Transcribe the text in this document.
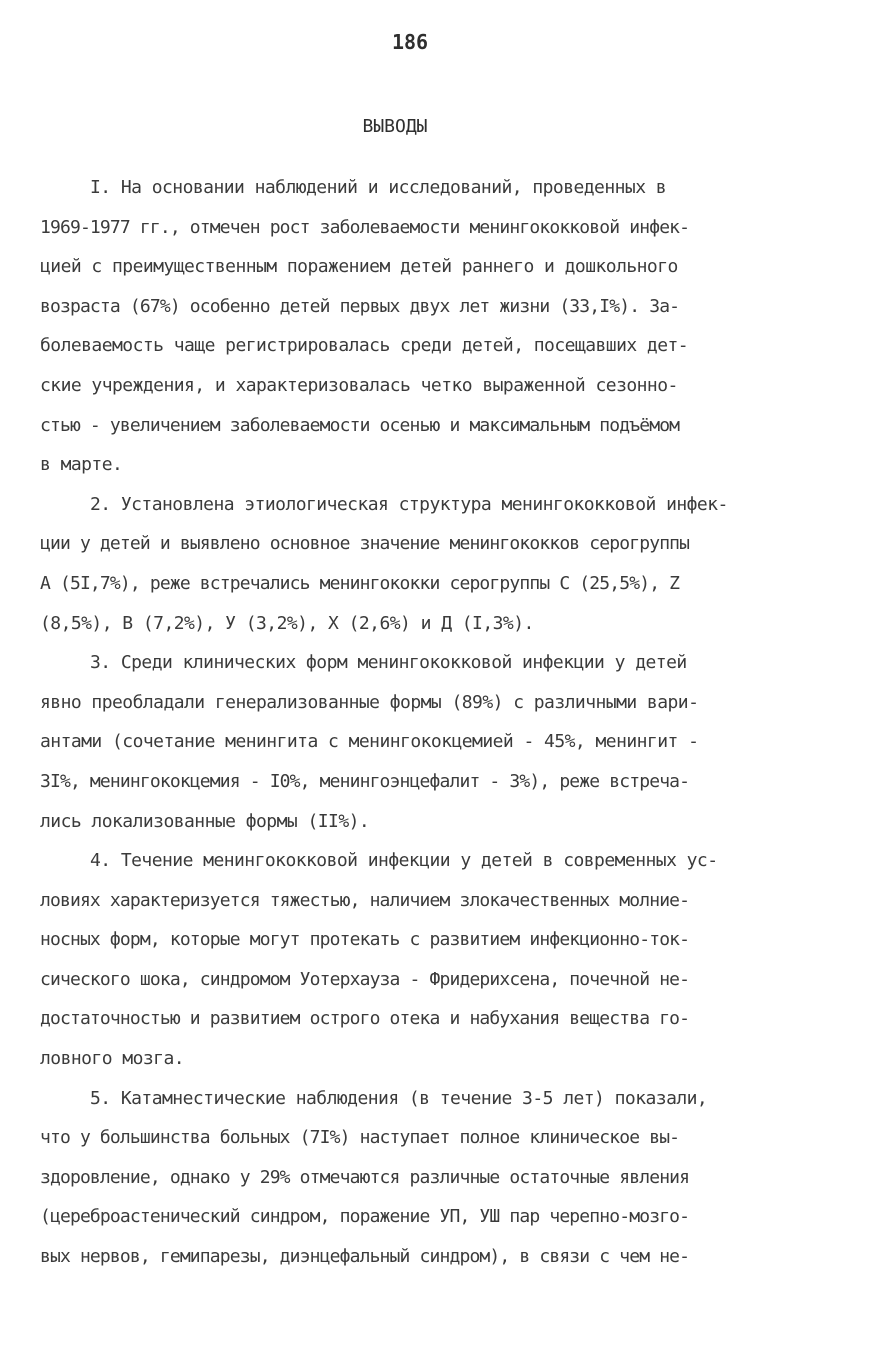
186
ВЫВОДЫ
I. На основании наблюдений и исследований, проведенных в
1969-1977 гг., отмечен рост заболеваемости менингококковой инфек-
цией с преимущественным поражением детей раннего и дошкольного
возраста (67%) особенно детей первых двух лет жизни (33,I%). За-
болеваемость чаще регистрировалась среди детей, посещавших дет-
ские учреждения, и характеризовалась четко выраженной сезонно-
стью - увеличением заболеваемости осенью и максимальным подъёмом
в марте.
2. Установлена этиологическая структура менингококковой инфек-
ции у детей и выявлено основное значение менингококков серогруппы
А (5I,7%), реже встречались менингококки серогруппы С (25,5%), Z
(8,5%), В (7,2%), У (3,2%), Х (2,6%) и Д (I,3%).
3. Среди клинических форм менингококковой инфекции у детей
явно преобладали генерализованные формы (89%) с различными вари-
антами (сочетание менингита с менингококцемией - 45%, менингит -
3I%, менингококцемия - I0%, менингоэнцефалит - 3%), реже встреча-
лись локализованные формы (II%).
4. Течение менингококковой инфекции у детей в современных ус-
ловиях характеризуется тяжестью, наличием злокачественных молние-
носных форм, которые могут протекать с развитием инфекционно-ток-
сического шока, синдромом Уотерхауза - Фридерихсена, почечной не-
достаточностью и развитием острого отека и набухания вещества го-
ловного мозга.
5. Катамнестические наблюдения (в течение 3-5 лет) показали,
что у большинства больных (7I%) наступает полное клиническое вы-
здоровление, однако у 29% отмечаются различные остаточные явления
(цереброастенический синдром, поражение УП, УШ пар черепно-мозго-
вых нервов, гемипарезы, диэнцефальный синдром), в связи с чем не-
